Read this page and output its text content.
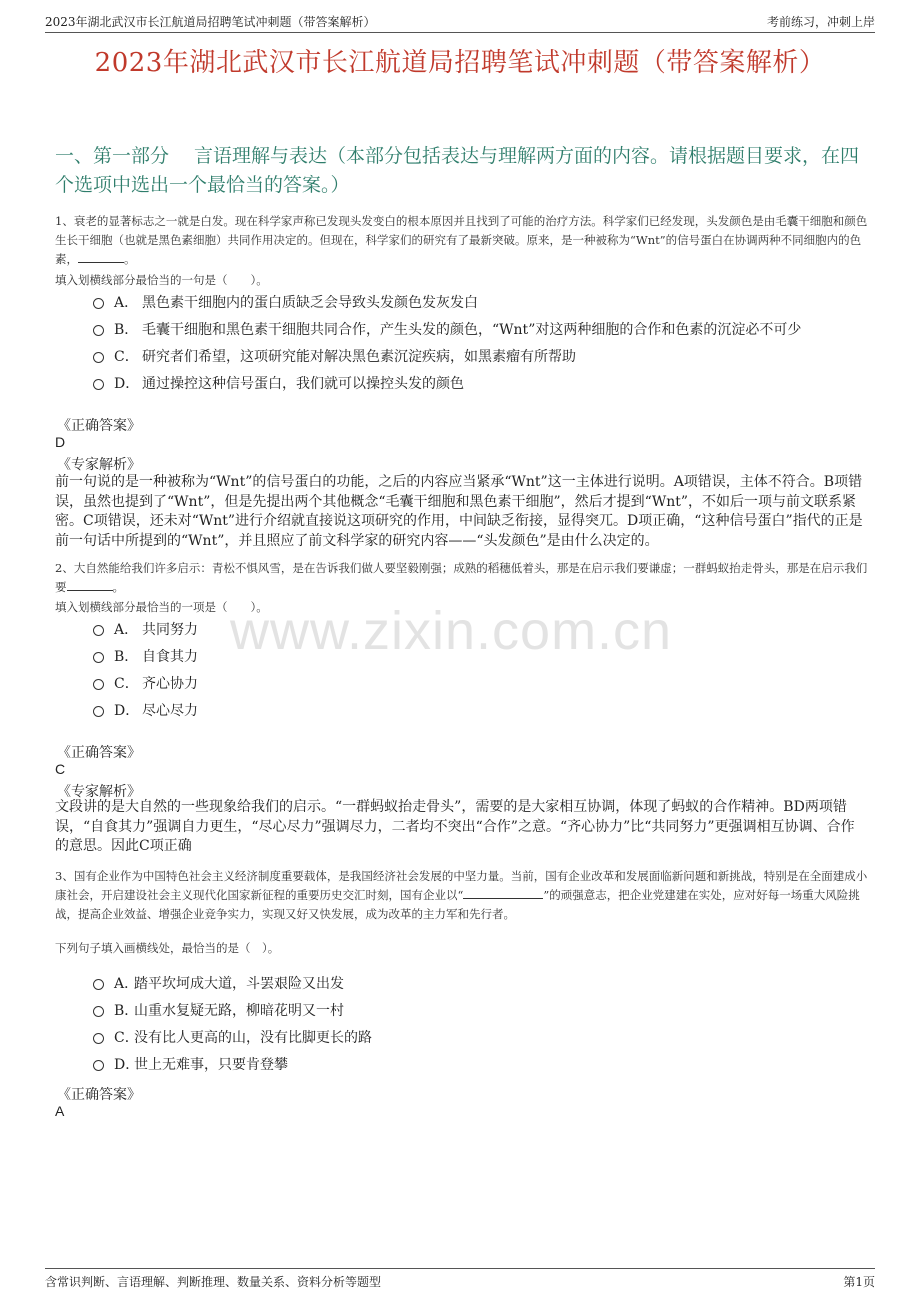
2023年湖北武汉市长江航道局招聘笔试冲刺题（带答案解析）	考前练习，冲刺上岸
2023年湖北武汉市长江航道局招聘笔试冲刺题（带答案解析）
一、第一部分　 言语理解与表达（本部分包括表达与理解两方面的内容。请根据题目要求，在四个选项中选出一个最恰当的答案。）
www.zixin.com.cn
1、衰老的显著标志之一就是白发。现在科学家声称已发现头发变白的根本原因并且找到了可能的治疗方法。科学家们已经发现，头发颜色是由毛囊干细胞和颜色生长干细胞（也就是黑色素细胞）共同作用决定的。但现在，科学家们的研究有了最新突破。原来，是一种被称为“Wnt”的信号蛋白在协调两种不同细胞内的色素，	。
填入划横线部分最恰当的一句是（　　）。
A． 黑色素干细胞内的蛋白质缺乏会导致头发颜色发灰发白
B． 毛囊干细胞和黑色素干细胞共同合作，产生头发的颜色，“Wnt”对这两种细胞的合作和色素的沉淀必不可少
C． 研究者们希望，这项研究能对解决黑色素沉淀疾病，如黑素瘤有所帮助
D． 通过操控这种信号蛋白，我们就可以操控头发的颜色
《正确答案》
D
《专家解析》
前一句说的是一种被称为“Wnt”的信号蛋白的功能，之后的内容应当紧承“Wnt”这一主体进行说明。A项错误，主体不符合。B项错误，虽然也提到了“Wnt”，但是先提出两个其他概念“毛囊干细胞和黑色素干细胞”，然后才提到“Wnt”，不如后一项与前文联系紧密。C项错误，还未对“Wnt”进行介绍就直接说这项研究的作用，中间缺乏衔接，显得突兀。D项正确，“这种信号蛋白”指代的正是前一句话中所提到的“Wnt”，并且照应了前文科学家的研究内容——“头发颜色”是由什么决定的。
2、大自然能给我们许多启示：青松不惧风雪，是在告诉我们做人要坚毅刚强；成熟的稻穗低着头，那是在启示我们要谦虚；一群蚂蚁抬走骨头，那是在启示我们要	。
填入划横线部分最恰当的一项是（　　）。
A． 共同努力
B． 自食其力
C． 齐心协力
D． 尽心尽力
《正确答案》
C
《专家解析》
文段讲的是大自然的一些现象给我们的启示。“一群蚂蚁抬走骨头”，需要的是大家相互协调，体现了蚂蚁的合作精神。BD两项错误，“自食其力”强调自力更生，“尽心尽力”强调尽力，二者均不突出“合作”之意。“齐心协力”比“共同努力”更强调相互协调、合作的意思。因此C项正确
3、国有企业作为中国特色社会主义经济制度重要载体，是我国经济社会发展的中坚力量。当前，国有企业改革和发展面临新问题和新挑战，特别是在全面建成小康社会，开启建设社会主义现代化国家新征程的重要历史交汇时刻，国有企业以“	”的顽强意志，把企业党建建在实处，应对好每一场重大风险挑战，提高企业效益、增强企业竞争实力，实现又好又快发展，成为改革的主力军和先行者。
下列句子填入画横线处，最恰当的是（　）。
A．
踏平坎坷成大道，斗罢艰险又出发
B．
山重水复疑无路，柳暗花明又一村
C．
没有比人更高的山，没有比脚更长的路
D．
世上无难事，只要肯登攀
《正确答案》
A
含常识判断、言语理解、判断推理、数量关系、资料分析等题型	第1页
